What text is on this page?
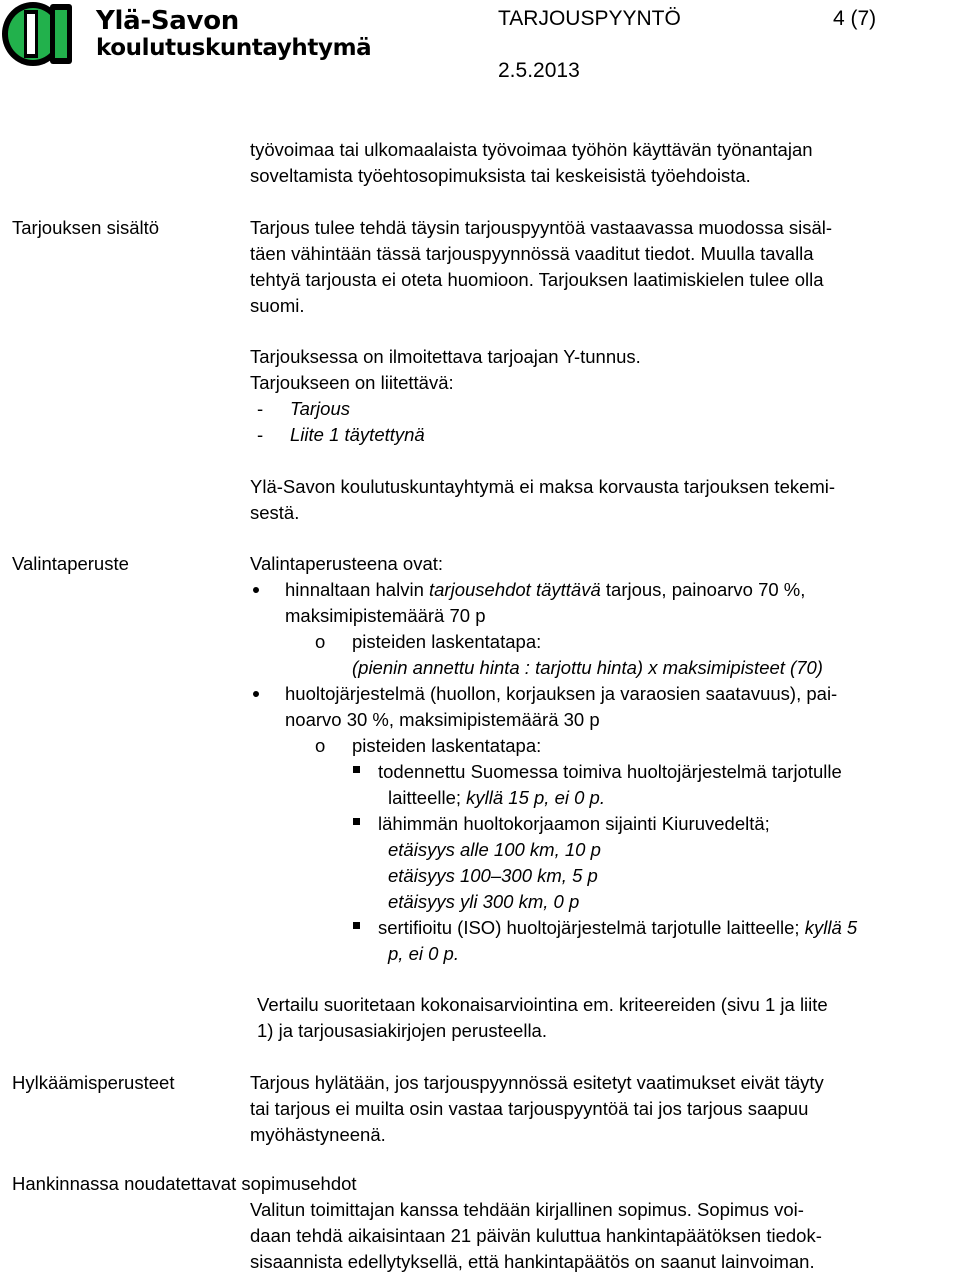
Ylä-Savon
koulutuskuntayhtymä
TARJOUSPYYNTÖ	4 (7)
2.5.2013
työvoimaa tai ulkomaalaista työvoimaa työhön käyttävän työnantajan
soveltamista työehtosopimuksista tai keskeisistä työehdoista.
Tarjouksen sisältö	Tarjous tulee tehdä täysin tarjouspyyntöä vastaavassa muodossa sisäl-
täen vähintään tässä tarjouspyynnössä vaaditut tiedot. Muulla tavalla
tehtyä tarjousta ei oteta huomioon. Tarjouksen laatimiskielen tulee olla
suomi.
Tarjouksessa on ilmoitettava tarjoajan Y-tunnus.
Tarjoukseen on liitettävä:
- Tarjous
- Liite 1 täytettynä
Ylä-Savon koulutuskuntayhtymä ei maksa korvausta tarjouksen tekemi-
sestä.
Valintaperuste	Valintaperusteena ovat:
hinnaltaan halvin tarjousehdot täyttävä tarjous, painoarvo 70 %,
maksimipistemäärä 70 p
o pisteiden laskentatapa:
(pienin annettu hinta : tarjottu hinta) x maksimipisteet (70)
huoltojärjestelmä (huollon, korjauksen ja varaosien saatavuus), pai-
noarvo 30 %, maksimipistemäärä 30 p
o pisteiden laskentatapa:
todennettu Suomessa toimiva huoltojärjestelmä tarjotulle
laitteelle; kyllä 15 p, ei 0 p.
lähimmän huoltokorjaamon sijainti Kiuruvedeltä;
etäisyys alle 100 km, 10 p
etäisyys 100–300 km, 5 p
etäisyys yli 300 km, 0 p
sertifioitu (ISO) huoltojärjestelmä tarjotulle laitteelle; kyllä 5
p, ei 0 p.
Vertailu suoritetaan kokonaisarviointina em. kriteereiden (sivu 1 ja liite
1) ja tarjousasiakirjojen perusteella.
Hylkäämisperusteet	Tarjous hylätään, jos tarjouspyynnössä esitetyt vaatimukset eivät täyty
tai tarjous ei muilta osin vastaa tarjouspyyntöä tai jos tarjous saapuu
myöhästyneenä.
Hankinnassa noudatettavat sopimusehdot
Valitun toimittajan kanssa tehdään kirjallinen sopimus. Sopimus voi-
daan tehdä aikaisintaan 21 päivän kuluttua hankintapäätöksen tiedok-
sisaannista edellytyksellä, että hankintapäätös on saanut lainvoiman.
